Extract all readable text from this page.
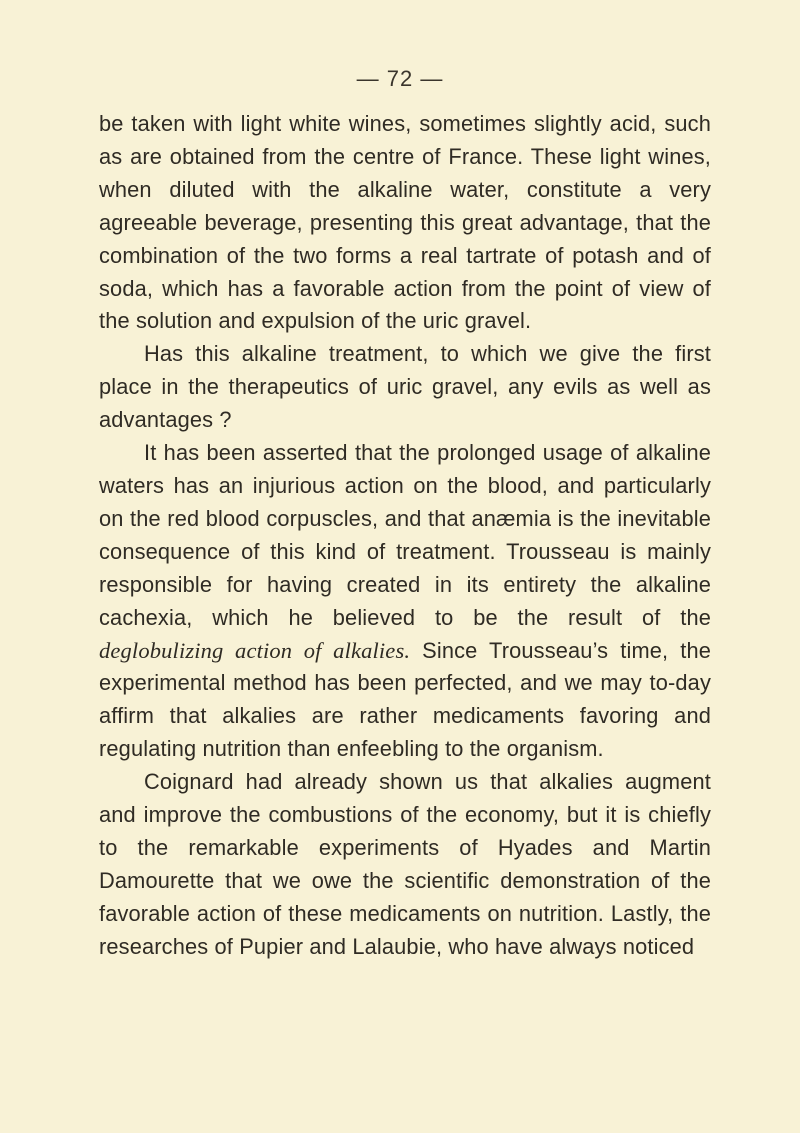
— 72 —

be taken with light white wines, sometimes slightly acid, such as are obtained from the centre of France. These light wines, when diluted with the alkaline water, constitute a very agreeable beverage, presenting this great advantage, that the combination of the two forms a real tartrate of potash and of soda, which has a favorable action from the point of view of the solution and expulsion of the uric gravel.

Has this alkaline treatment, to which we give the first place in the therapeutics of uric gravel, any evils as well as advantages ?

It has been asserted that the prolonged usage of alkaline waters has an injurious action on the blood, and particularly on the red blood corpuscles, and that anæmia is the inevitable consequence of this kind of treatment. Trousseau is mainly responsible for having created in its entirety the alkaline cachexia, which he believed to be the result of the deglobulizing action of alkalies. Since Trousseau’s time, the experimental method has been perfected, and we may to-day affirm that alkalies are rather medicaments favoring and regulating nutrition than enfeebling to the organism.

Coignard had already shown us that alkalies augment and improve the combustions of the economy, but it is chiefly to the remarkable experiments of Hyades and Martin Damourette that we owe the scientific demonstration of the favorable action of these medicaments on nutrition. Lastly, the researches of Pupier and Lalaubie, who have always noticed
